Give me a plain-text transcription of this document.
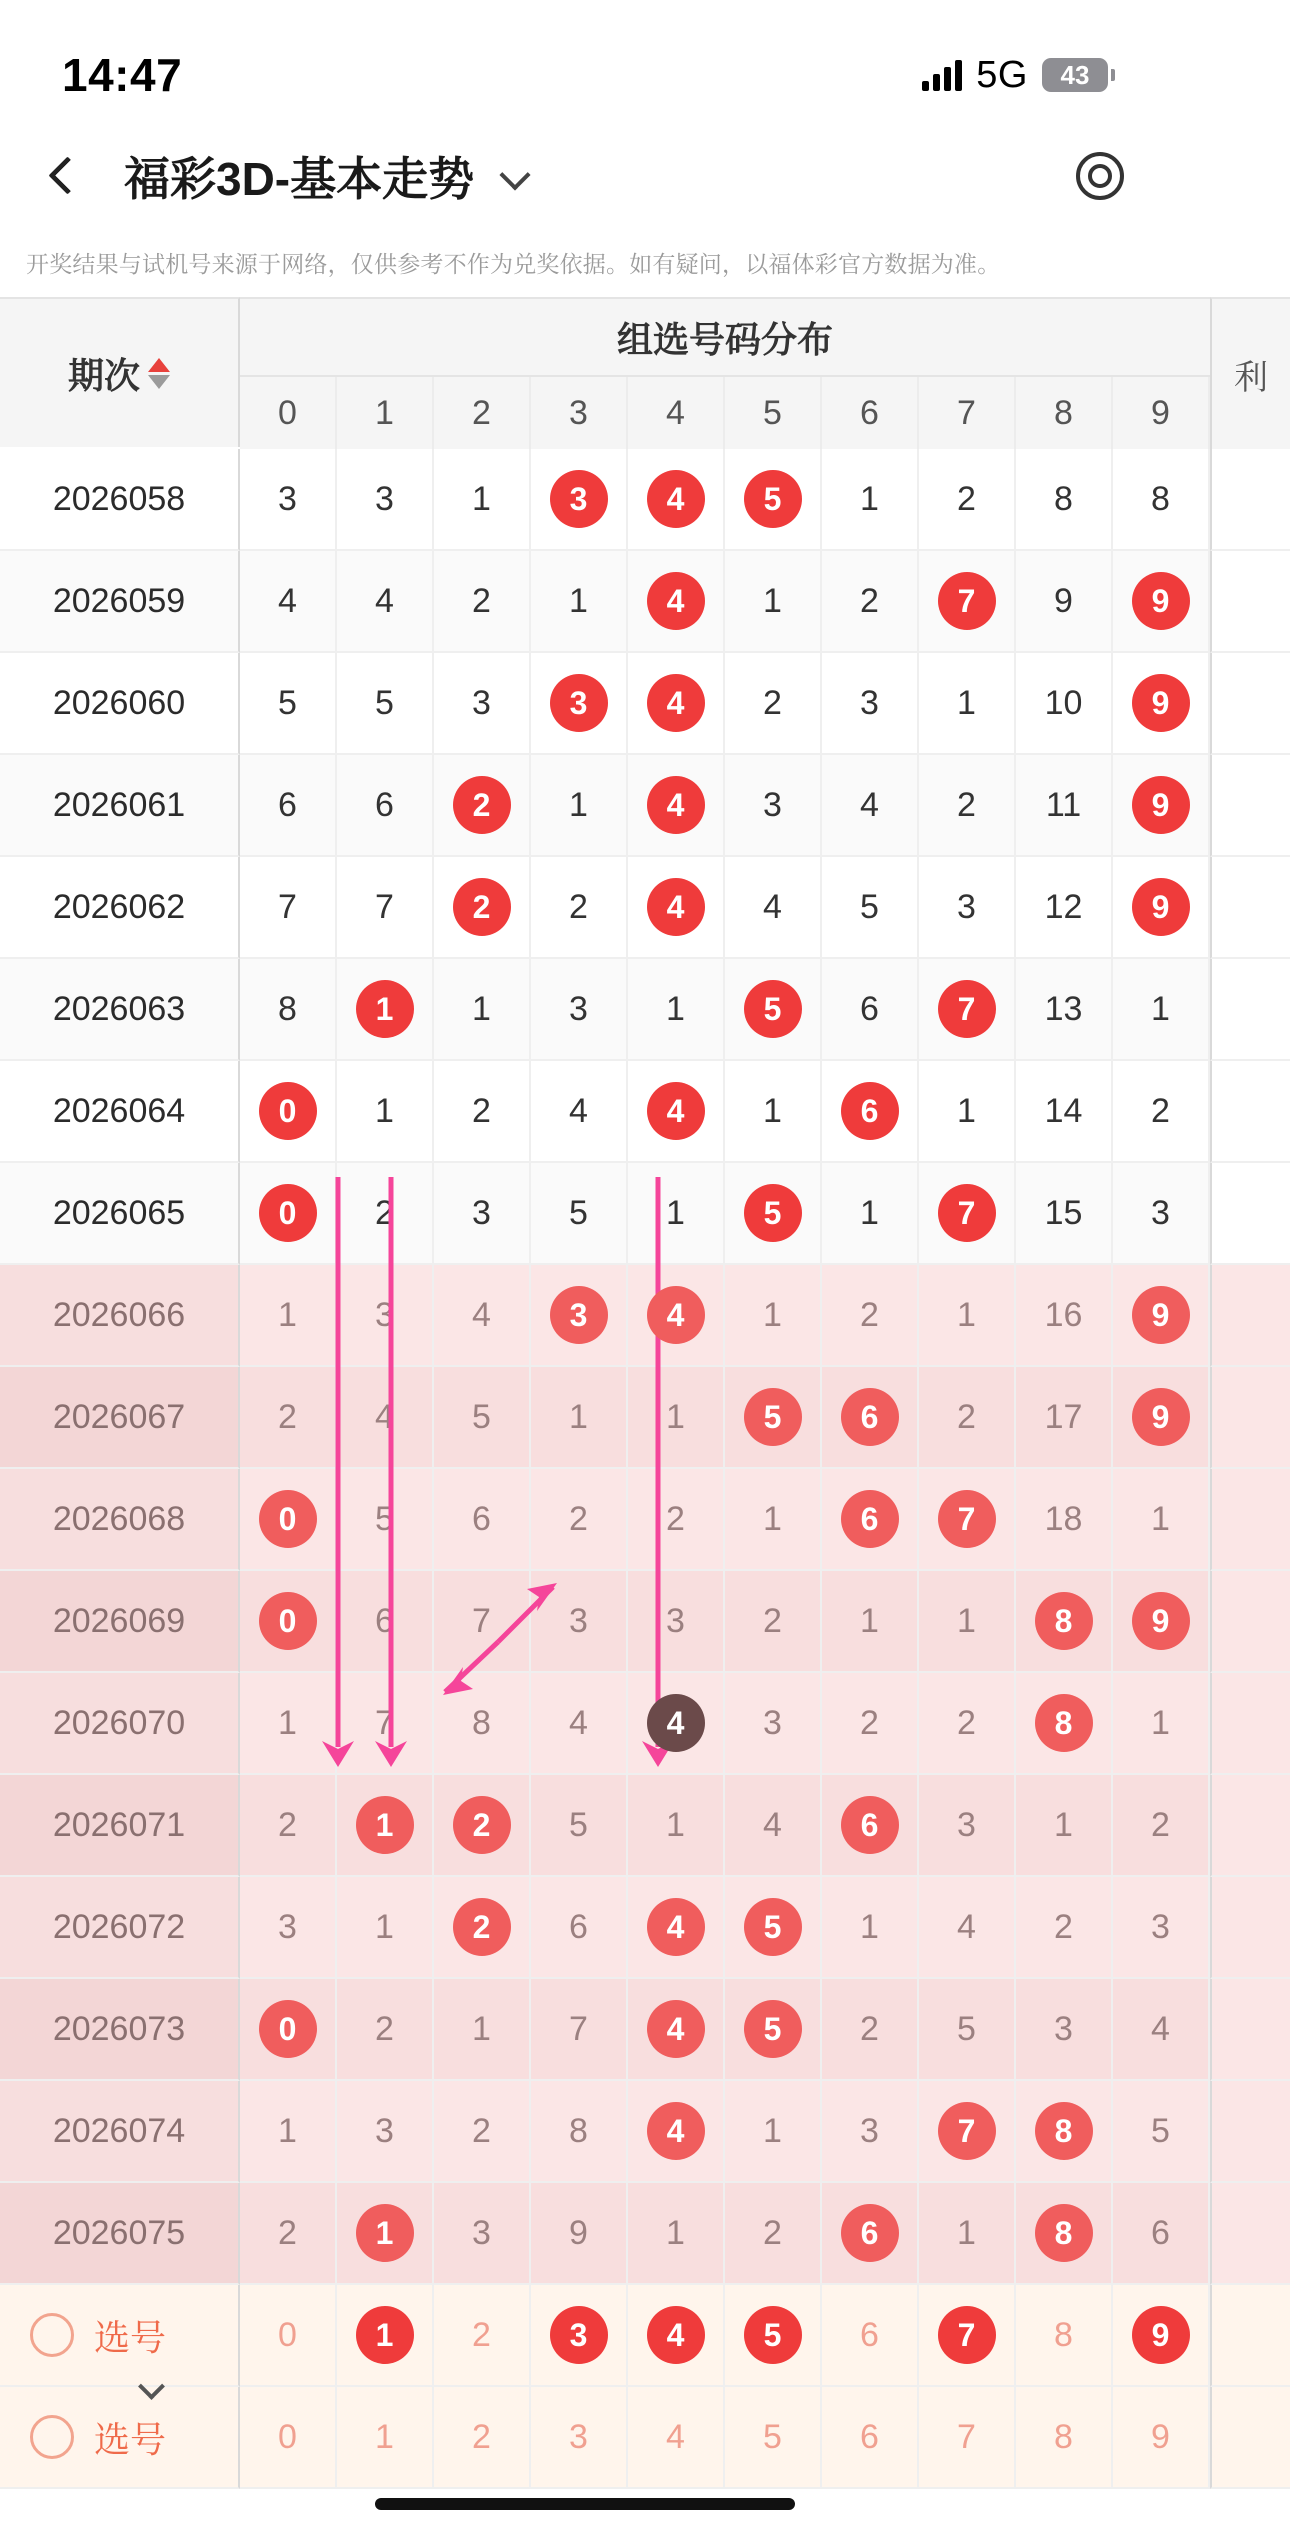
14:47	5G 43
福彩3D-基本走势
开奖结果与试机号来源于网络，仅供参考不作为兑奖依据。如有疑问，以福体彩官方数据为准。
期次
组选号码分布
0	1	2	3	4	5	6	7	8	9
利
2026058	3	3	1	3	4	5	1	2	8	8
2026059	4	4	2	1	4	1	2	7	9	9
2026060	5	5	3	3	4	2	3	1	10	9
2026061	6	6	2	1	4	3	4	2	11	9
2026062	7	7	2	2	4	4	5	3	12	9
2026063	8	1	1	3	1	5	6	7	13	1
2026064	0	1	2	4	4	1	6	1	14	2
2026065	0	2	3	5	1	5	1	7	15	3
2026066	1	3	4	3	4	1	2	1	16	9
2026067	2	4	5	1	1	5	6	2	17	9
2026068	0	5	6	2	2	1	6	7	18	1
2026069	0	6	7	3	3	2	1	1	8	9
2026070	1	7	8	4	4	3	2	2	8	1
2026071	2	1	2	5	1	4	6	3	1	2
2026072	3	1	2	6	4	5	1	4	2	3
2026073	0	2	1	7	4	5	2	5	3	4
2026074	1	3	2	8	4	1	3	7	8	5
2026075	2	1	3	9	1	2	6	1	8	6
选号	0	1	2	3	4	5	6	7	8	9
选号	0	1	2	3	4	5	6	7	8	9
